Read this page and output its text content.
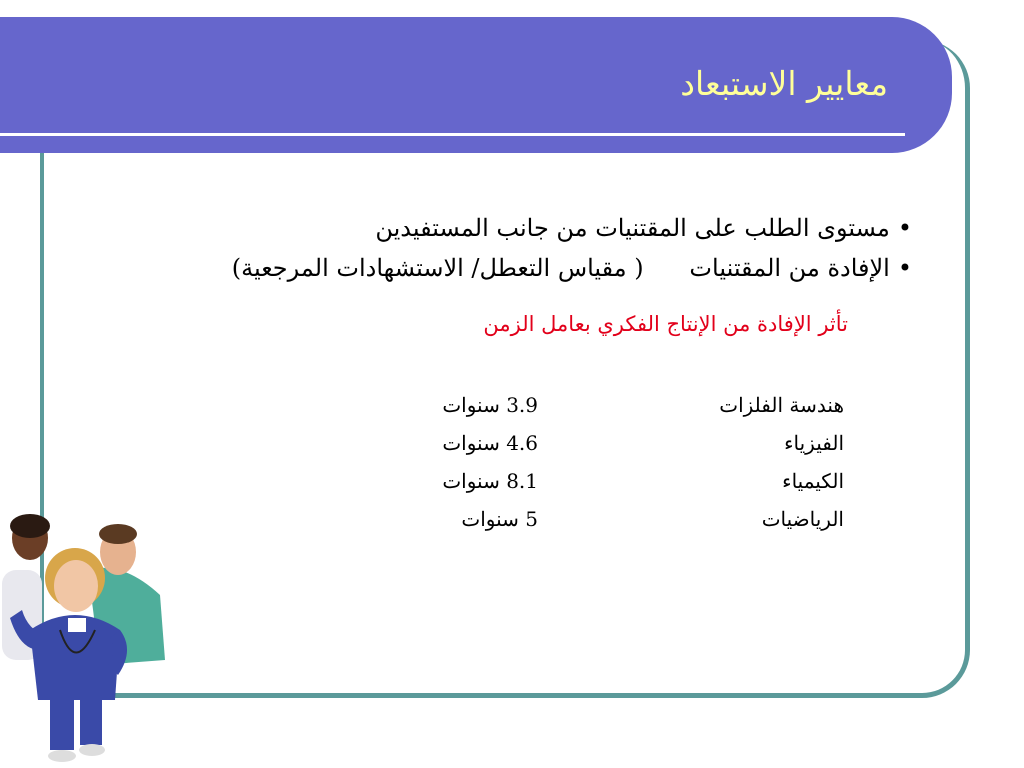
معايير الاستبعاد
•مستوى الطلب على المقتنيات من جانب المستفيدين
•الإفادة من المقتنيات      ( مقياس التعطل/ الاستشهادات المرجعية)
تأثر الإفادة من الإنتاج الفكري بعامل الزمن
هندسة الفلزات
3.9 سنوات
الفيزياء
4.6 سنوات
الكيمياء
8.1 سنوات
الرياضيات
5 سنوات
